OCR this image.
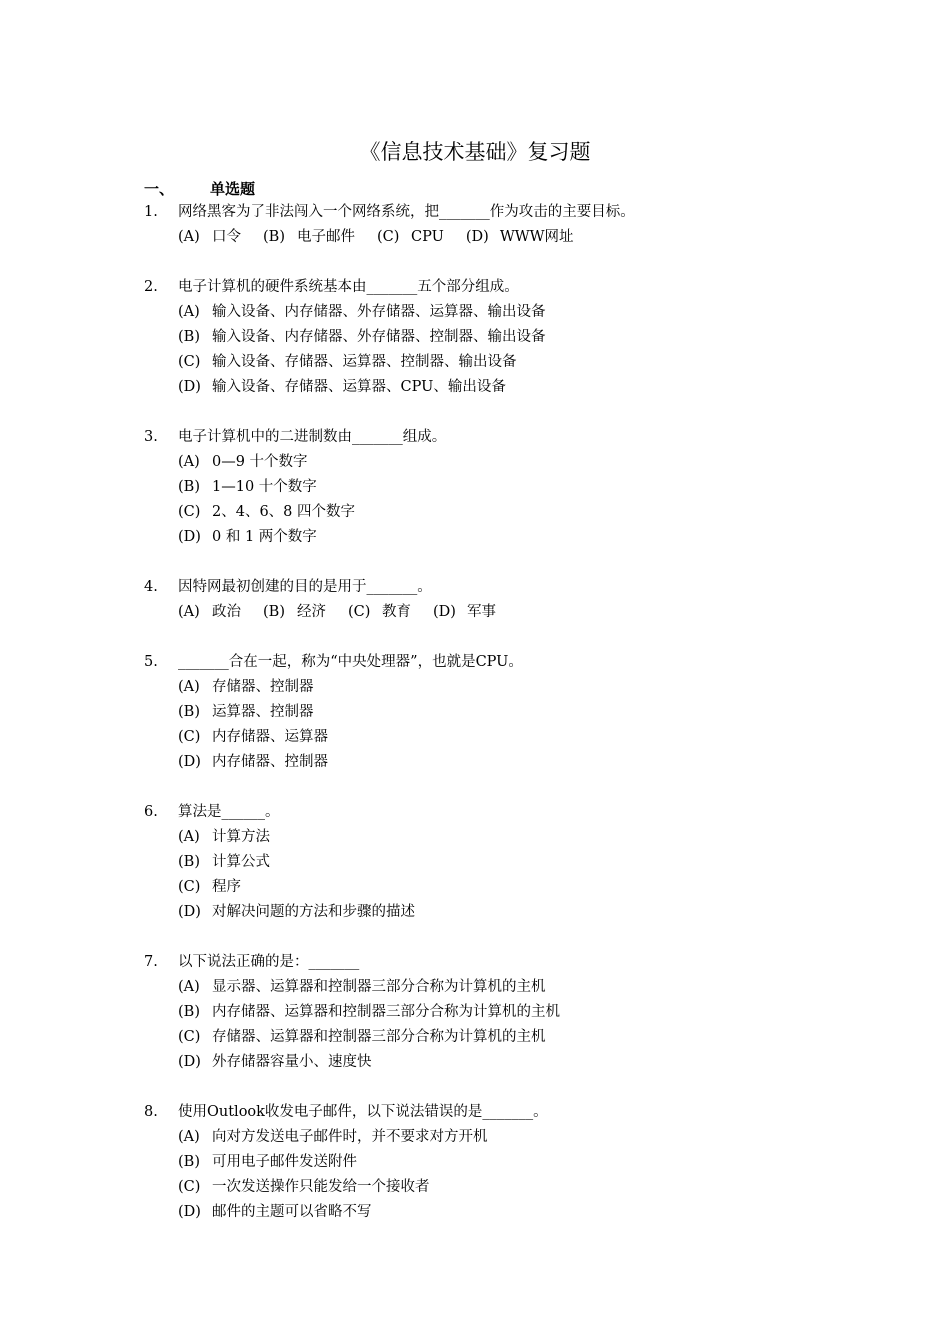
《信息技术基础》复习题
一、 单选题
1. 网络黑客为了非法闯入一个网络系统，把_______作为攻击的主要目标。
(A) 口令 (B) 电子邮件 (C) CPU (D) WWW网址
2. 电子计算机的硬件系统基本由_______五个部分组成。
(A) 输入设备、内存储器、外存储器、运算器、输出设备
(B) 输入设备、内存储器、外存储器、控制器、输出设备
(C) 输入设备、存储器、运算器、控制器、输出设备
(D) 输入设备、存储器、运算器、CPU、输出设备
3. 电子计算机中的二进制数由_______组成。
(A) 0—9 十个数字
(B) 1—10 十个数字
(C) 2、4、6、8 四个数字
(D) 0 和 1 两个数字
4. 因特网最初创建的目的是用于_______。
(A) 政治 (B) 经济 (C) 教育 (D) 军事
5. _______合在一起，称为“中央处理器”，也就是CPU。
(A) 存储器、控制器
(B) 运算器、控制器
(C) 内存储器、运算器
(D) 内存储器、控制器
6. 算法是______。
(A) 计算方法
(B) 计算公式
(C) 程序
(D) 对解决问题的方法和步骤的描述
7. 以下说法正确的是：_______
(A) 显示器、运算器和控制器三部分合称为计算机的主机
(B) 内存储器、运算器和控制器三部分合称为计算机的主机
(C) 存储器、运算器和控制器三部分合称为计算机的主机
(D) 外存储器容量小、速度快
8. 使用Outlook收发电子邮件，以下说法错误的是_______。
(A) 向对方发送电子邮件时，并不要求对方开机
(B) 可用电子邮件发送附件
(C) 一次发送操作只能发给一个接收者
(D) 邮件的主题可以省略不写
